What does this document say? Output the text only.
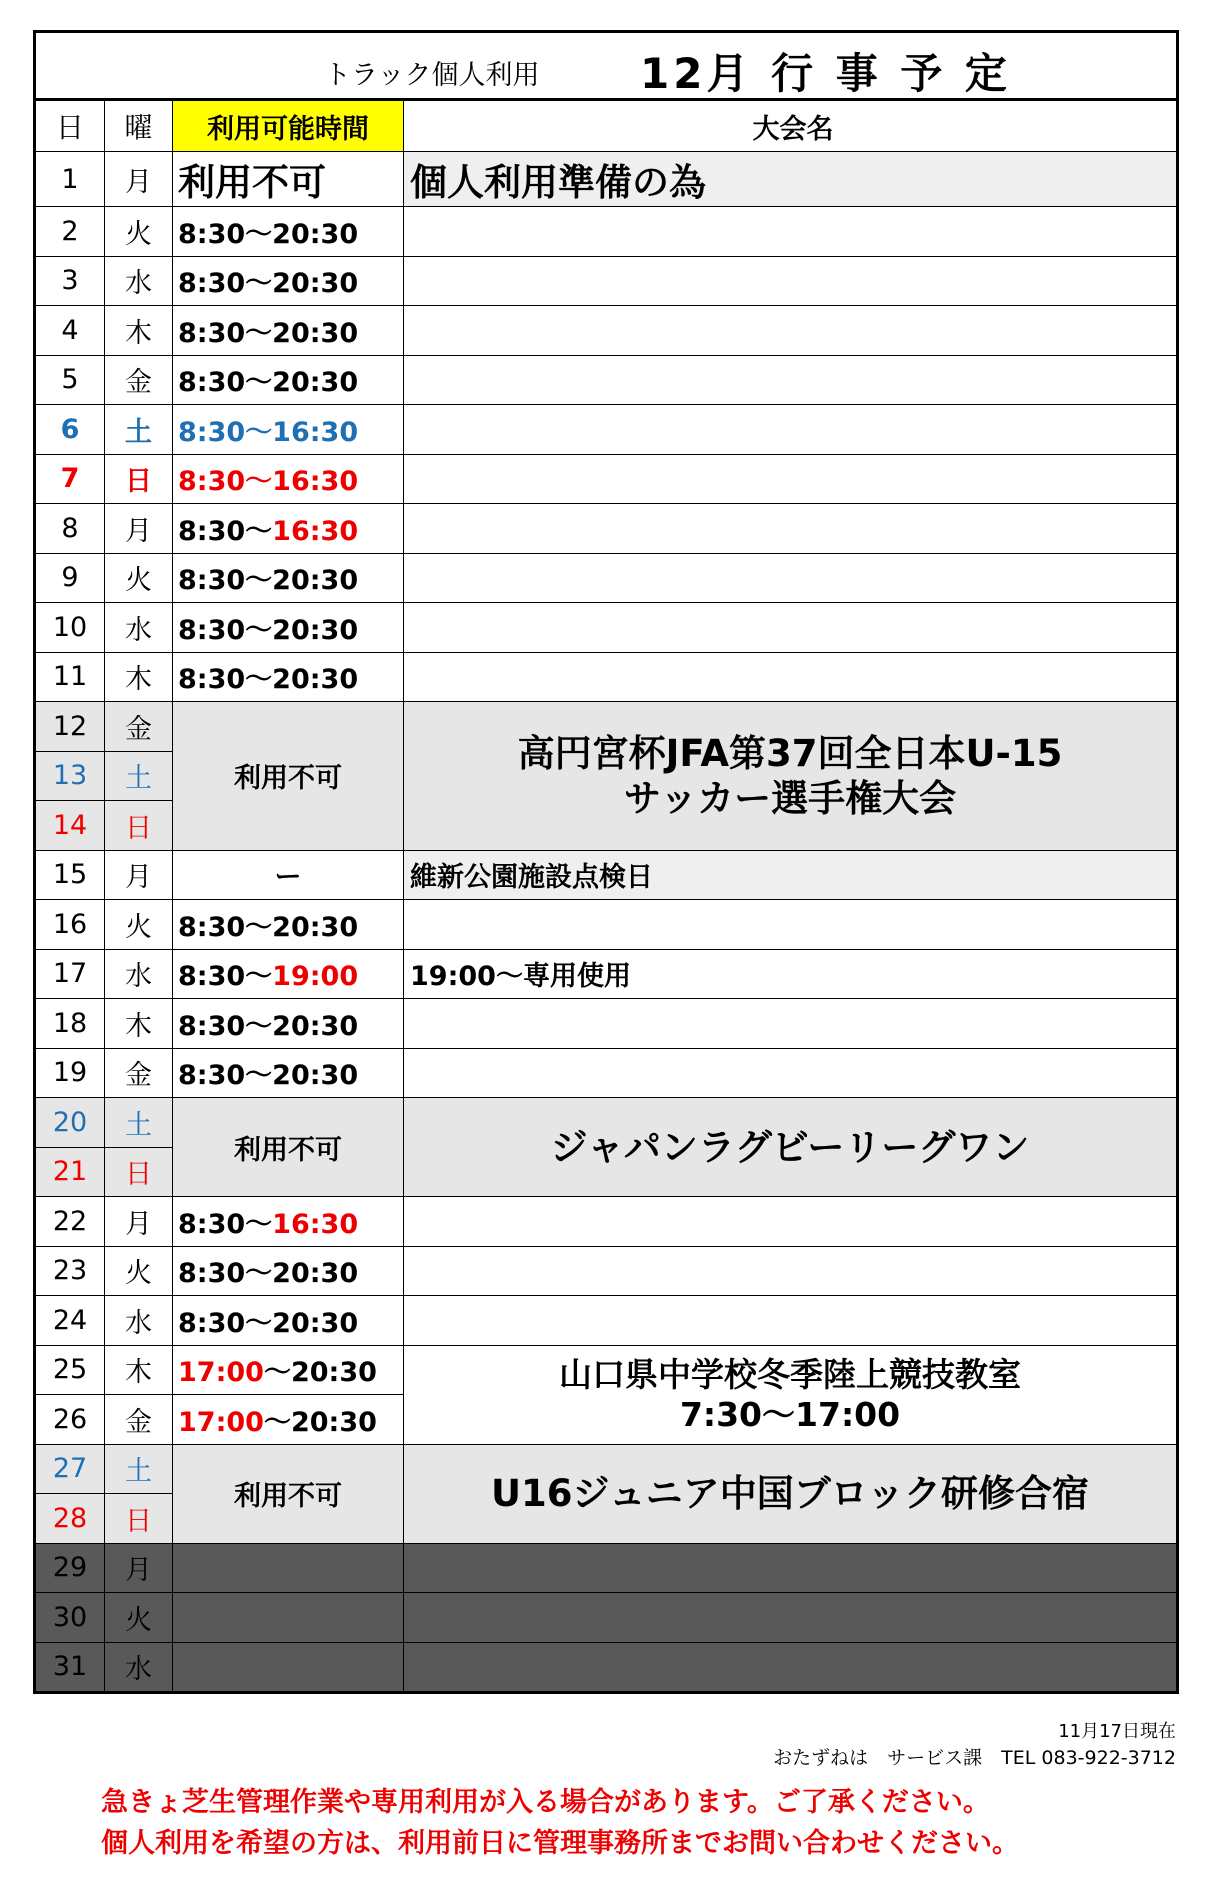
トラック個人利用 12月 行 事 予 定
日	曜	利用可能時間	大会名
1	月	利用不可	個人利用準備の為
2	火	8:30～20:30	
3	水	8:30～20:30	
4	木	8:30～20:30	
5	金	8:30～20:30	
6	土	8:30～16:30	
7	日	8:30～16:30	
8	月	8:30～16:30	
9	火	8:30～20:30	
10	水	8:30～20:30	
11	木	8:30～20:30	
12	金	利用不可	高円宮杯JFA第37回全日本U-15
サッカー選手権大会

13	土		
14	日		
15	月	ー	維新公園施設点検日
16	火	8:30～20:30	
17	水	8:30～19:00	19:00～専用使用
18	木	8:30～20:30	
19	金	8:30～20:30	
20	土	利用不可	ジャパンラグビーリーグワン
21	日		
22	月	8:30～16:30	
23	火	8:30～20:30	
24	水	8:30～20:30	
25	木	17:00～20:30	山口県中学校冬季陸上競技教室
7:30～17:00

26	金	17:00～20:30	
27	土	利用不可	U16ジュニア中国ブロック研修合宿
28	日		
29	月		
30	火		
31	水		
11月17日現在
おたずねは　サービス課　TEL 083-922-3712
急きょ芝生管理作業や専用利用が入る場合があります。ご了承ください。
個人利用を希望の方は、利用前日に管理事務所までお問い合わせください。
